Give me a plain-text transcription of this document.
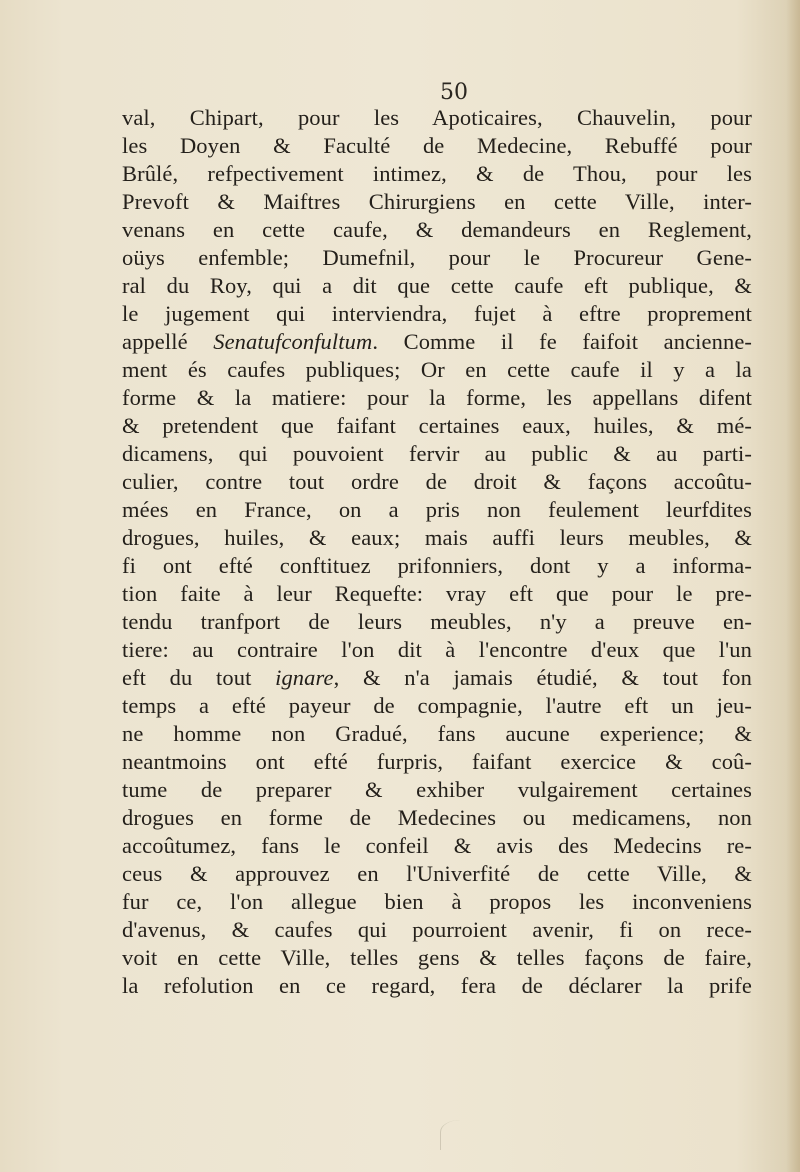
50
val, Chipart, pour les Apoticaires, Chauvelin, pour
les Doyen & Faculté de Medecine, Rebuffé pour
Brûlé, refpectivement intimez, & de Thou, pour les
Prevoft & Maiftres Chirurgiens en cette Ville, inter-
venans en cette caufe, & demandeurs en Reglement,
oüys enfemble; Dumefnil, pour le Procureur Gene-
ral du Roy, qui a dit que cette caufe eft publique, &
le jugement qui interviendra, fujet à eftre proprement
appellé Senatufconfultum. Comme il fe faifoit ancienne-
ment és caufes publiques; Or en cette caufe il y a la
forme & la matiere: pour la forme, les appellans difent
& pretendent que faifant certaines eaux, huiles, & mé-
dicamens, qui pouvoient fervir au public & au parti-
culier, contre tout ordre de droit & façons accoûtu-
mées en France, on a pris non feulement leurfdites
drogues, huiles, & eaux; mais auffi leurs meubles, &
fi ont efté conftituez prifonniers, dont y a informa-
tion faite à leur Requefte: vray eft que pour le pre-
tendu tranfport de leurs meubles, n'y a preuve en-
tiere: au contraire l'on dit à l'encontre d'eux que l'un
eft du tout ignare, & n'a jamais étudié, & tout fon
temps a efté payeur de compagnie, l'autre eft un jeu-
ne homme non Gradué, fans aucune experience; &
neantmoins ont efté furpris, faifant exercice & coû-
tume de preparer & exhiber vulgairement certaines
drogues en forme de Medecines ou medicamens, non
accoûtumez, fans le confeil & avis des Medecins re-
ceus & approuvez en l'Univerfité de cette Ville, &
fur ce, l'on allegue bien à propos les inconveniens
d'avenus, & caufes qui pourroient avenir, fi on rece-
voit en cette Ville, telles gens & telles façons de faire,
la refolution en ce regard, fera de déclarer la prife
